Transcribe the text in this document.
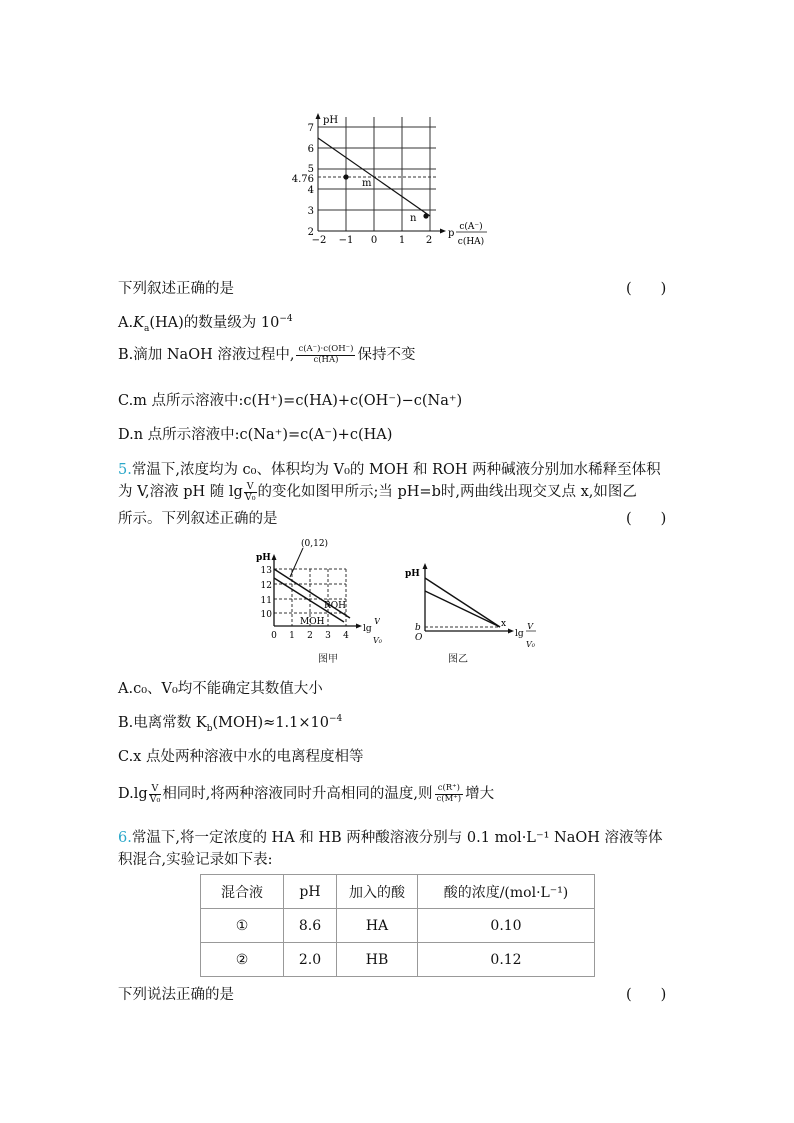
pH
7
6
5
4.76
4
3
2
−2 −1 0 1 2
m
n
p
c(A⁻)
c(HA)
下列叙述正确的是	(　　)
$A.K_a(HA)$的数量级为 $10^{-4}$
B.滴加 NaOH 溶液过程中, $\frac{c(A^-)\cdot c(OH^-)}{c(HA)}$ 保持不变
C.m 点所示溶液中:c(H⁺)=c(HA)+c(OH⁻)−c(Na⁺)
D.n 点所示溶液中:c(Na⁺)=c(A⁻)+c(HA)
5.常温下,浓度均为 c₀、体积均为 V₀的 MOH 和 ROH 两种碱液分别加水稀释至体积
为 V,溶液 pH 随 $\lg \frac{V}{\text{V₀}}$ 的变化如图甲所示;当 pH=b时,两曲线出现交叉点 x,如图乙
所示。下列叙述正确的是	(　　)
pH
13
12
11
10
0 1 2 3 4
(0,12)
ROH
MOH
lg
V
V₀
图甲
pH
b
O
x
lg
V
V₀
图乙
A.c₀、V₀均不能确定其数值大小
B.电离常数 $K_b(MOH)\approx 1.1\times 10^{-4}$
C.x 点处两种溶液中水的电离程度相等
$D.\lg \frac{V}{\text{V₀}}$ 相同时,将两种溶液同时升高相同的温度,则 $\frac{c(R^+)}{c(M^+)}$ 增大
6.常温下,将一定浓度的 HA 和 HB 两种酸溶液分别与 0.1 mol·L⁻¹ NaOH 溶液等体
积混合,实验记录如下表:
混合液	pH	加入的酸	酸的浓度/(mol·L⁻¹)
①	8.6	HA	0.10
②	2.0	HB	0.12
下列说法正确的是	(　　)
